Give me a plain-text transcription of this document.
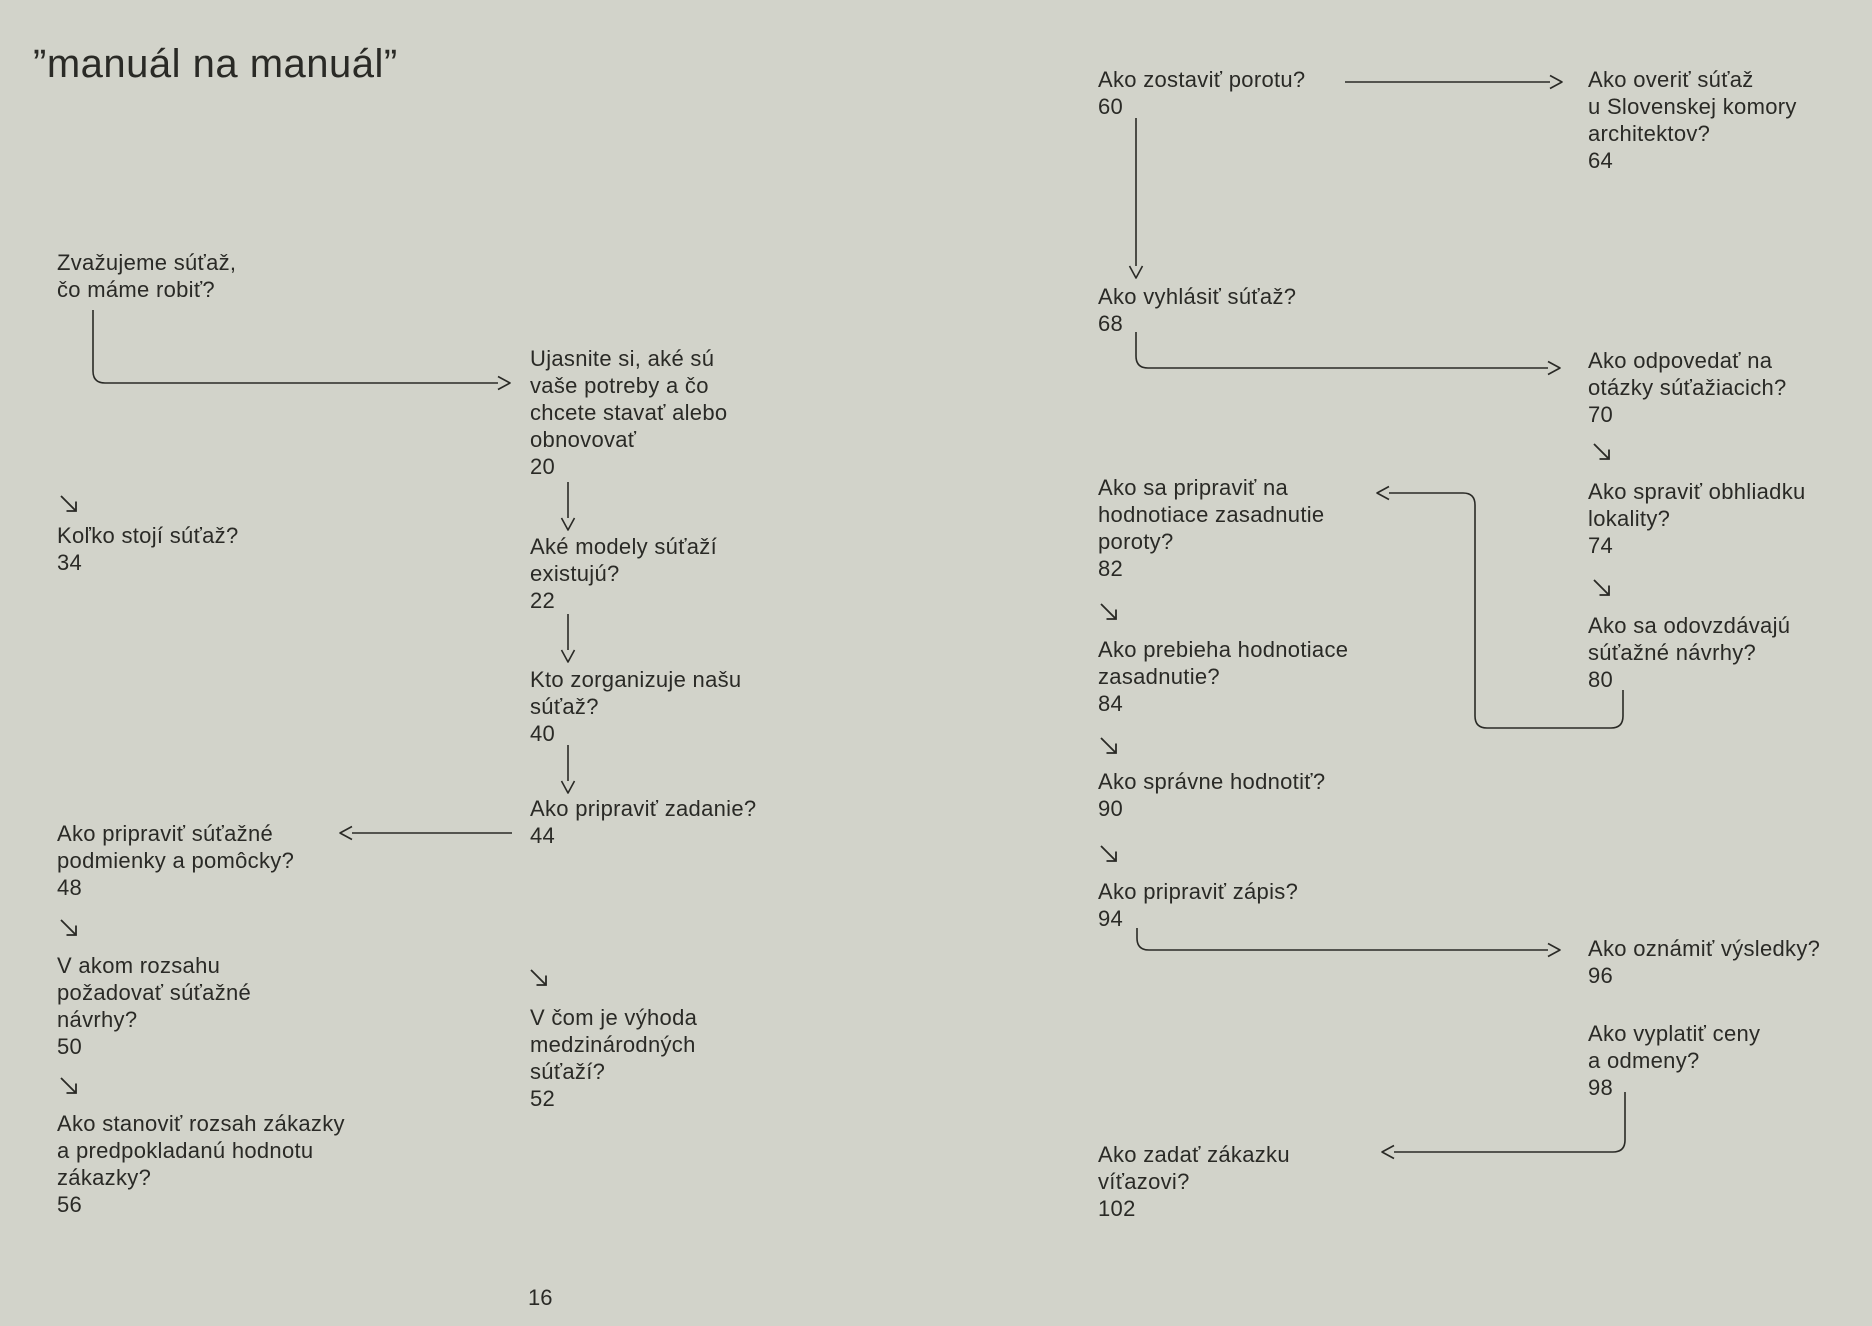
”manuál na manuál”
Zvažujeme súťaž,
čo máme robiť?
Koľko stojí súťaž?
34
Ako pripraviť súťažné
podmienky a pomôcky?
48
V akom rozsahu
požadovať súťažné
návrhy?
50
Ako stanoviť rozsah zákazky
a predpokladanú hodnotu
zákazky?
56
Ujasnite si, aké sú
vaše potreby a čo
chcete stavať alebo
obnovovať
20
Aké modely súťaží
existujú?
22
Kto zorganizuje našu
súťaž?
40
Ako pripraviť zadanie?
44
V čom je výhoda
medzinárodných
súťaží?
52
Ako zostaviť porotu?
60
Ako vyhlásiť súťaž?
68
Ako sa pripraviť na
hodnotiace zasadnutie
poroty?
82
Ako prebieha hodnotiace
zasadnutie?
84
Ako správne hodnotiť?
90
Ako pripraviť zápis?
94
Ako zadať zákazku
víťazovi?
102
Ako overiť súťaž
u Slovenskej komory
architektov?
64
Ako odpovedať na
otázky súťažiacich?
70
Ako spraviť obhliadku
lokality?
74
Ako sa odovzdávajú
súťažné návrhy?
80
Ako oznámiť výsledky?
96
Ako vyplatiť ceny
a odmeny?
98
16
